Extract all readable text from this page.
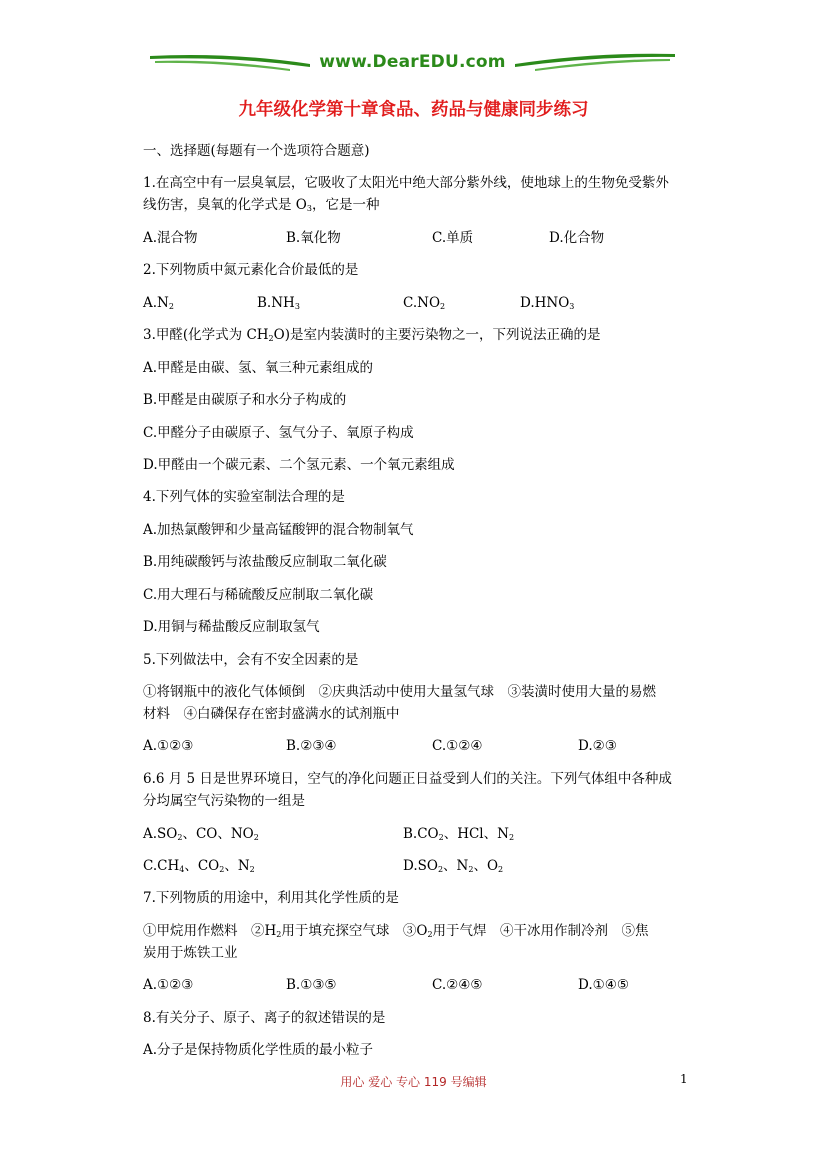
www.DearEDU.com
九年级化学第十章食品、药品与健康同步练习
一、选择题(每题有一个选项符合题意)
1.在高空中有一层臭氧层，它吸收了太阳光中绝大部分紫外线，使地球上的生物免受紫外
线伤害，臭氧的化学式是 $O_3$，它是一种
A.混合物	B.氧化物	C.单质	D.化合物
2.下列物质中氮元素化合价最低的是
$A.N_2$	$B.NH_3$	$C.NO_2$	$D.HNO_3$
3.甲醛(化学式为 $CH_2O$)是室内装潢时的主要污染物之一，下列说法正确的是
A.甲醛是由碳、氢、氧三种元素组成的
B.甲醛是由碳原子和水分子构成的
C.甲醛分子由碳原子、氢气分子、氧原子构成
D.甲醛由一个碳元素、二个氢元素、一个氧元素组成
4.下列气体的实验室制法合理的是
A.加热氯酸钾和少量高锰酸钾的混合物制氧气
B.用纯碳酸钙与浓盐酸反应制取二氧化碳
C.用大理石与稀硫酸反应制取二氧化碳
D.用铜与稀盐酸反应制取氢气
5.下列做法中，会有不安全因素的是
①将钢瓶中的液化气体倾倒　②庆典活动中使用大量氢气球　③装潢时使用大量的易燃
材料　④白磷保存在密封盛满水的试剂瓶中
A.①②③	B.②③④	C.①②④	D.②③
6.6 月 5 日是世界环境日，空气的净化问题正日益受到人们的关注。下列气体组中各种成
分均属空气污染物的一组是
$A.SO_2$、CO、$NO_2$	$B.CO_2$、HCl、$N_2$
$C.CH_4$、$CO_2$、$N_2$	$D.SO_2$、$N_2$、$O_2$
7.下列物质的用途中，利用其化学性质的是
①甲烷用作燃料　$②H_2$用于填充探空气球　$③O_2$用于气焊　④干冰用作制冷剂　⑤焦
炭用于炼铁工业
A.①②③	B.①③⑤	C.②④⑤	D.①④⑤
8.有关分子、原子、离子的叙述错误的是
A.分子是保持物质化学性质的最小粒子
用心 爱心 专心 119 号编辑	1
